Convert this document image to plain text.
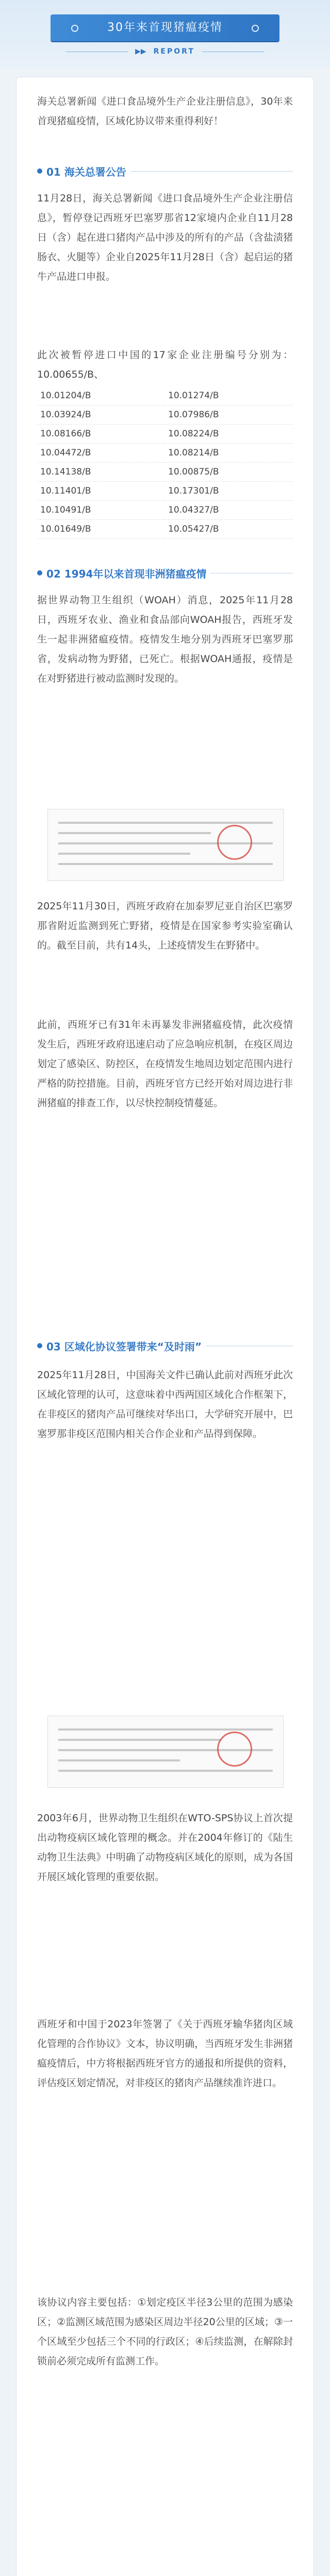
30年来首现猪瘟疫情
▶▶ REPORT

海关总署新闻《进口食品境外生产企业注册信息》，30年来首现猪瘟疫情，区域化协议带来重得利好！

01 海关总署公告

11月28日，海关总署新闻《进口食品境外生产企业注册信息》，暂停登记西班牙巴塞罗那省12家境内企业自11月28日（含）起在进口猪肉产品中涉及的所有的产品（含盐渍猪肠衣、火腿等）企业自2025年11月28日（含）起启运的猪牛产品进口申报。

此次被暂停进口中国的17家企业注册编号分别为：10.00655/B、

10.01204/B	10.01274/B
10.03924/B	10.07986/B
10.08166/B	10.08224/B
10.04472/B	10.08214/B
10.14138/B	10.00875/B
10.11401/B	10.17301/B
10.10491/B	10.04327/B
10.01649/B	10.05427/B
02 1994年以来首现非洲猪瘟疫情

据世界动物卫生组织（WOAH）消息，2025年11月28日，西班牙农业、渔业和食品部向WOAH报告，西班牙发生一起非洲猪瘟疫情。疫情发生地分别为西班牙巴塞罗那省，发病动物为野猪，已死亡。根据WOAH通报，疫情是在对野猪进行被动监测时发现的。

2025年11月30日，西班牙政府在加泰罗尼亚自治区巴塞罗那省附近监测到死亡野猪，疫情是在国家参考实验室确认的。截至目前，共有14头，上述疫情发生在野猪中。

此前，西班牙已有31年未再暴发非洲猪瘟疫情，此次疫情发生后，西班牙政府迅速启动了应急响应机制，在疫区周边划定了感染区、防控区，在疫情发生地周边划定范围内进行严格的防控措施。目前，西班牙官方已经开始对周边进行非洲猪瘟的排查工作，以尽快控制疫情蔓延。

03 区域化协议签署带来“及时雨”

2025年11月28日，中国海关文件已确认此前对西班牙此次区域化管理的认可，这意味着中西两国区域化合作框架下，在非疫区的猪肉产品可继续对华出口，大学研究开展中，巴塞罗那非疫区范围内相关合作企业和产品得到保障。

2003年6月，世界动物卫生组织在WTO-SPS协议上首次提出动物疫病区域化管理的概念。并在2004年修订的《陆生动物卫生法典》中明确了动物疫病区域化的原则，成为各国开展区域化管理的重要依据。

西班牙和中国于2023年签署了《关于西班牙输华猪肉区域化管理的合作协议》文本，协议明确，当西班牙发生非洲猪瘟疫情后，中方将根据西班牙官方的通报和所提供的资料，评估疫区划定情况，对非疫区的猪肉产品继续准许进口。

该协议内容主要包括：①划定疫区半径3公里的范围为感染区；②监测区域范围为感染区周边半径20公里的区域；③一个区域至少包括三个不同的行政区；④后续监测，在解除封锁前必须完成所有监测工作。
